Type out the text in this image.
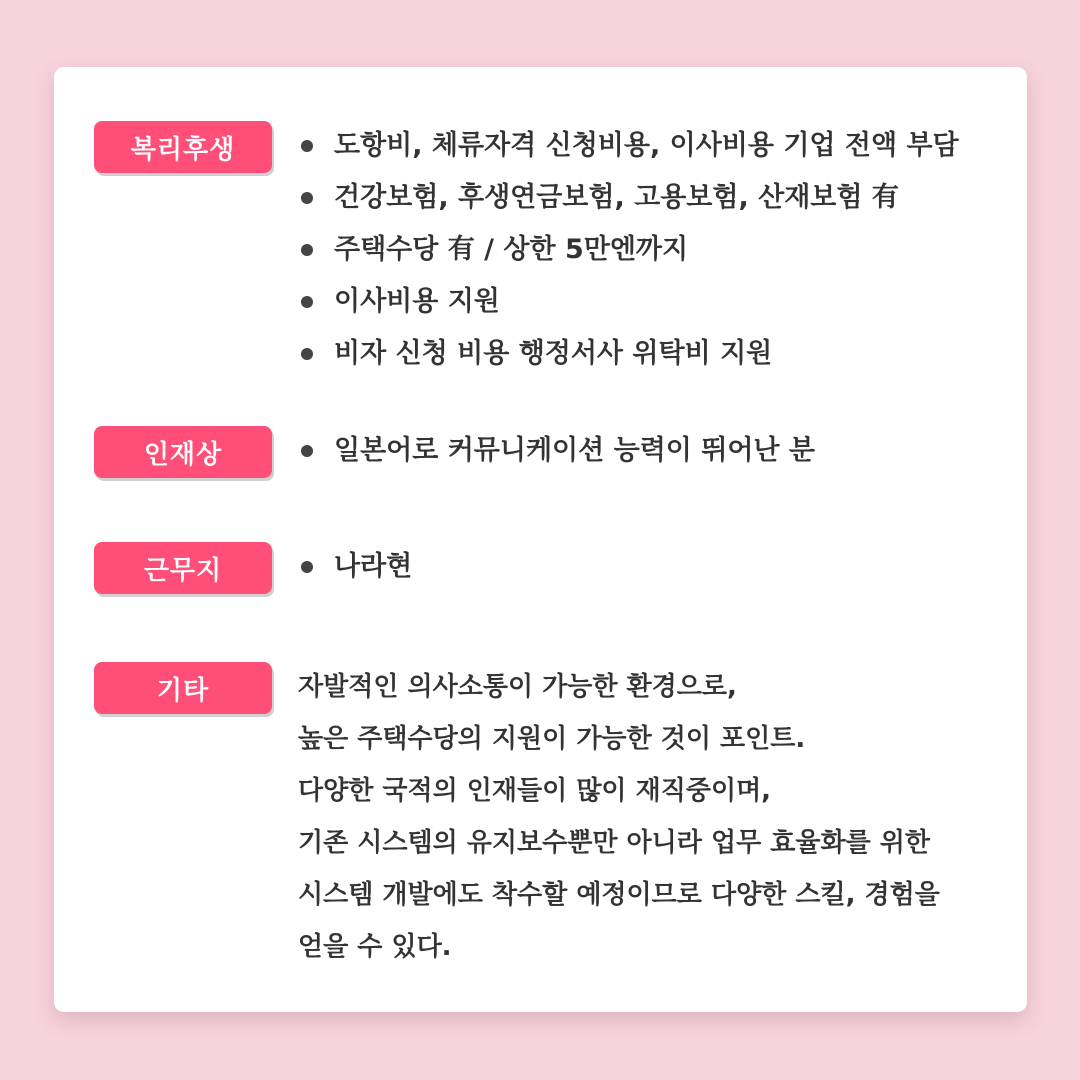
복리후생	도항비, 체류자격 신청비용, 이사비용 기업 전액 부담
건강보험, 후생연금보험, 고용보험, 산재보험 有
주택수당 有 / 상한 5만엔까지
이사비용 지원
비자 신청 비용 행정서사 위탁비 지원
인재상	일본어로 커뮤니케이션 능력이 뛰어난 분
근무지	나라현
기타	자발적인 의사소통이 가능한 환경으로,
높은 주택수당의 지원이 가능한 것이 포인트.
다양한 국적의 인재들이 많이 재직중이며,
기존 시스템의 유지보수뿐만 아니라 업무 효율화를 위한
시스템 개발에도 착수할 예정이므로 다양한 스킬, 경험을
얻을 수 있다.
